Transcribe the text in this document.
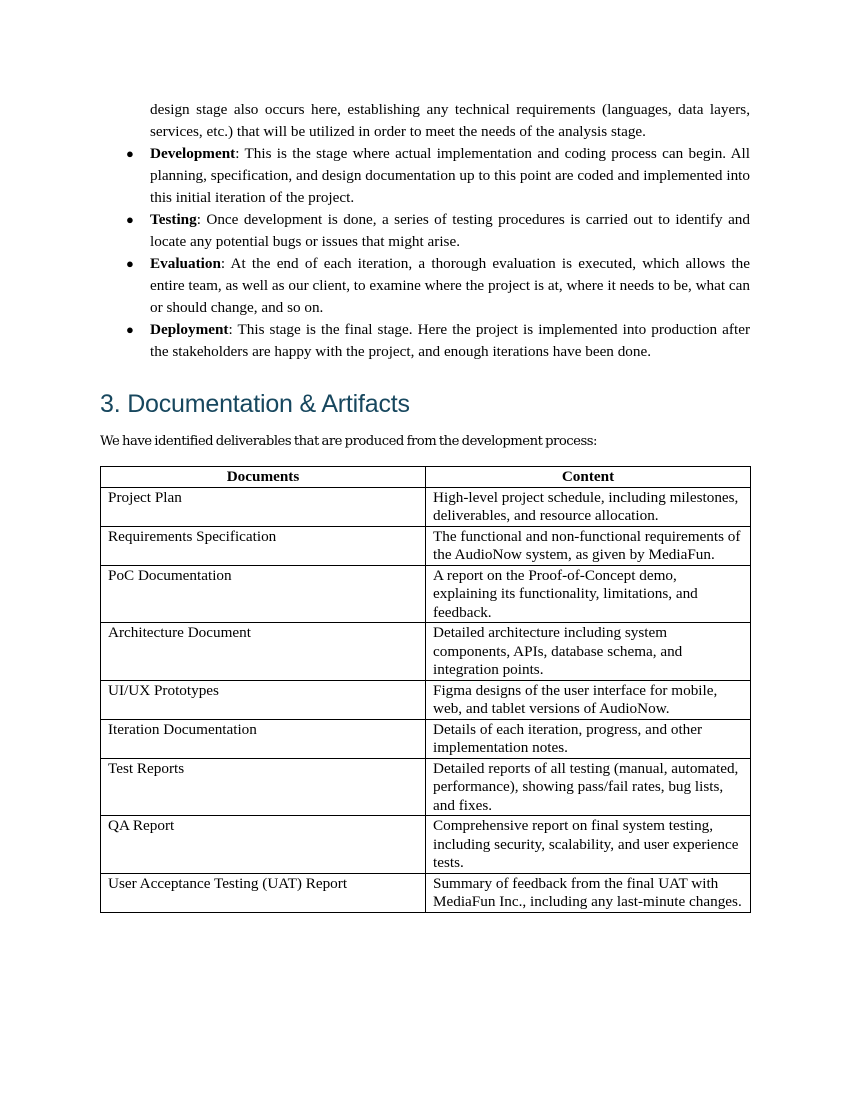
design stage also occurs here, establishing any technical requirements (languages, data layers, services, etc.) that will be utilized in order to meet the needs of the analysis stage.

● Development: This is the stage where actual implementation and coding process can begin. All planning, specification, and design documentation up to this point are coded and implemented into this initial iteration of the project.
● Testing: Once development is done, a series of testing procedures is carried out to identify and locate any potential bugs or issues that might arise.
● Evaluation: At the end of each iteration, a thorough evaluation is executed, which allows the entire team, as well as our client, to examine where the project is at, where it needs to be, what can or should change, and so on.
● Deployment: This stage is the final stage. Here the project is implemented into production after the stakeholders are happy with the project, and enough iterations have been done.
3. Documentation & Artifacts

We have identified deliverables that are produced from the development process:

Documents	Content
Project Plan	High-level project schedule, including milestones, deliverables, and resource allocation.
Requirements Specification	The functional and non-functional requirements of the AudioNow system, as given by MediaFun.
PoC Documentation	A report on the Proof-of-Concept demo, explaining its functionality, limitations, and feedback.
Architecture Document	Detailed architecture including system components, APIs, database schema, and integration points.
UI/UX Prototypes	Figma designs of the user interface for mobile, web, and tablet versions of AudioNow.
Iteration Documentation	Details of each iteration, progress, and other implementation notes.
Test Reports	Detailed reports of all testing (manual, automated, performance), showing pass/fail rates, bug lists, and fixes.
QA Report	Comprehensive report on final system testing, including security, scalability, and user experience tests.
User Acceptance Testing (UAT) Report	Summary of feedback from the final UAT with MediaFun Inc., including any last-minute changes.
